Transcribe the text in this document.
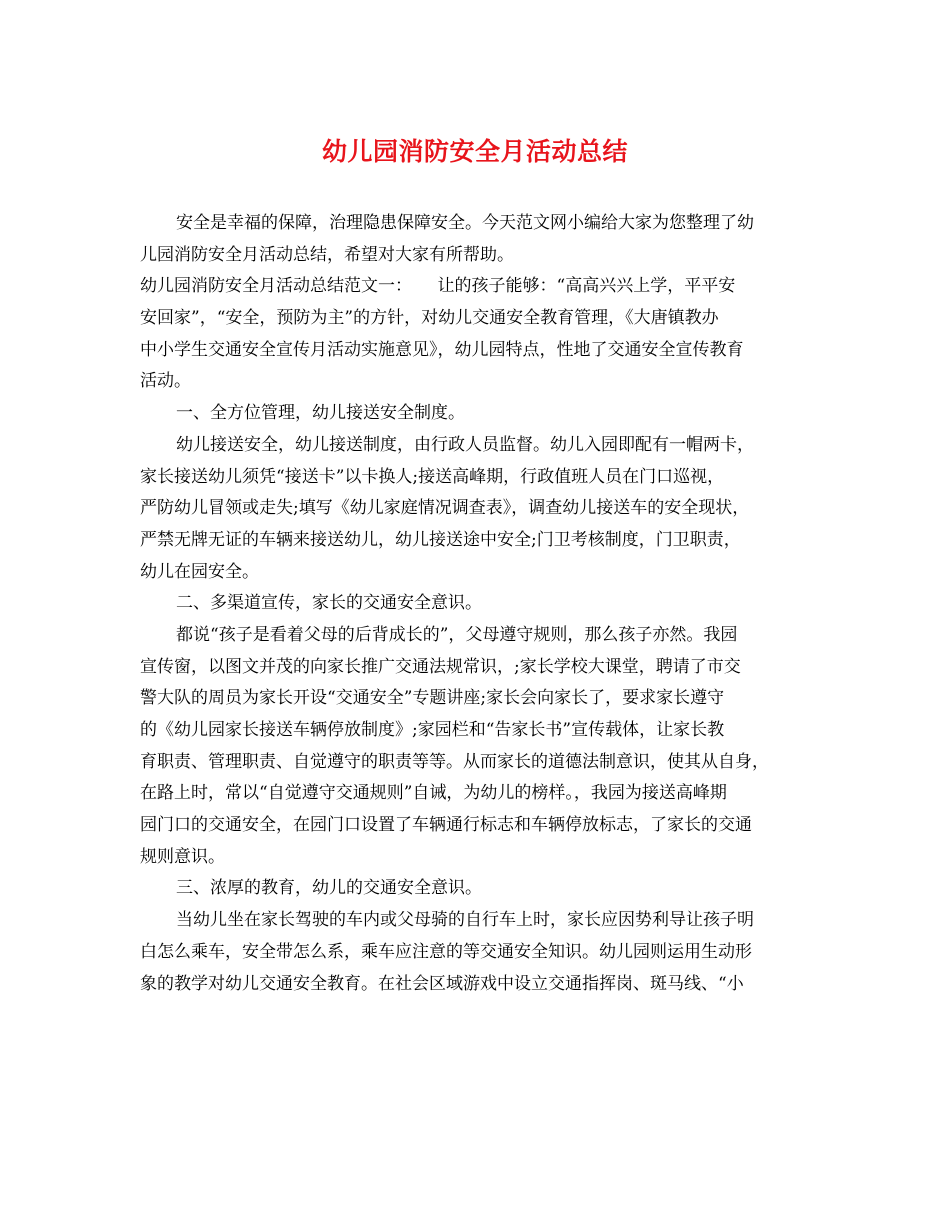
幼儿园消防安全月活动总结
安全是幸福的保障，治理隐患保障安全。今天范文网小编给大家为您整理了幼
儿园消防安全月活动总结，希望对大家有所帮助。
幼儿园消防安全月活动总结范文一：　　让的孩子能够：“高高兴兴上学，平平安
安回家”，“安全，预防为主”的方针，对幼儿交通安全教育管理，《大唐镇教办
中小学生交通安全宣传月活动实施意见》，幼儿园特点，性地了交通安全宣传教育
活动。
一、全方位管理，幼儿接送安全制度。
幼儿接送安全，幼儿接送制度，由行政人员监督。幼儿入园即配有一帽两卡，
家长接送幼儿须凭“接送卡”以卡换人;接送高峰期，行政值班人员在门口巡视，
严防幼儿冒领或走失;填写《幼儿家庭情况调查表》，调查幼儿接送车的安全现状，
严禁无牌无证的车辆来接送幼儿，幼儿接送途中安全;门卫考核制度，门卫职责，
幼儿在园安全。
二、多渠道宣传，家长的交通安全意识。
都说“孩子是看着父母的后背成长的”，父母遵守规则，那么孩子亦然。我园
宣传窗，以图文并茂的向家长推广交通法规常识，;家长学校大课堂，聘请了市交
警大队的周员为家长开设“交通安全”专题讲座;家长会向家长了，要求家长遵守
的《幼儿园家长接送车辆停放制度》;家园栏和“告家长书”宣传载体，让家长教
育职责、管理职责、自觉遵守的职责等等。从而家长的道德法制意识，使其从自身，
在路上时，常以“自觉遵守交通规则”自诫，为幼儿的榜样。，我园为接送高峰期
园门口的交通安全，在园门口设置了车辆通行标志和车辆停放标志，了家长的交通
规则意识。
三、浓厚的教育，幼儿的交通安全意识。
当幼儿坐在家长驾驶的车内或父母骑的自行车上时，家长应因势利导让孩子明
白怎么乘车，安全带怎么系，乘车应注意的等交通安全知识。幼儿园则运用生动形
象的教学对幼儿交通安全教育。在社会区域游戏中设立交通指挥岗、斑马线、“小
